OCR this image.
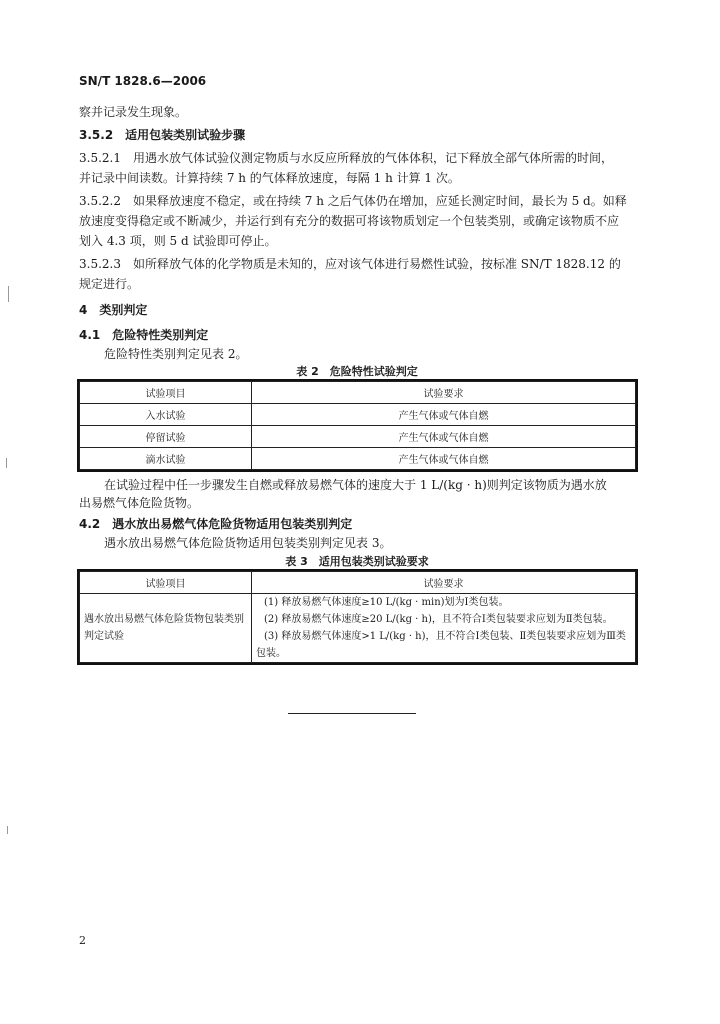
SN/T 1828.6—2006
察并记录发生现象。
3.5.2　适用包装类别试验步骤
3.5.2.1　用遇水放气体试验仪测定物质与水反应所释放的气体体积，记下释放全部气体所需的时间，
并记录中间读数。计算持续 7 h 的气体释放速度，每隔 1 h 计算 1 次。
3.5.2.2　如果释放速度不稳定，或在持续 7 h 之后气体仍在增加，应延长测定时间，最长为 5 d。如释
放速度变得稳定或不断减少，并运行到有充分的数据可将该物质划定一个包装类别，或确定该物质不应
划入 4.3 项，则 5 d 试验即可停止。
3.5.2.3　如所释放气体的化学物质是未知的，应对该气体进行易燃性试验，按标准 SN/T 1828.12 的
规定进行。
4　类别判定
4.1　危险特性类别判定
危险特性类别判定见表 2。
表 2　危险特性试验判定
试验项目	试验要求
入水试验	产生气体或气体自燃
停留试验	产生气体或气体自燃
滴水试验	产生气体或气体自燃
在试验过程中任一步骤发生自燃或释放易燃气体的速度大于 1 L/(kg · h)则判定该物质为遇水放
出易燃气体危险货物。
4.2　遇水放出易燃气体危险货物适用包装类别判定
遇水放出易燃气体危险货物适用包装类别判定见表 3。
表 3　适用包装类别试验要求
试验项目	试验要求
遇水放出易燃气体危险货物包装类别判定试验	(1) 释放易燃气体速度≥10 L/(kg · min)划为Ⅰ类包装。
(2) 释放易燃气体速度≥20 L/(kg · h)，且不符合Ⅰ类包装要求应划为Ⅱ类包装。
(3) 释放易燃气体速度>1 L/(kg · h)，且不符合Ⅰ类包装、Ⅱ类包装要求应划为Ⅲ类包装。
2
